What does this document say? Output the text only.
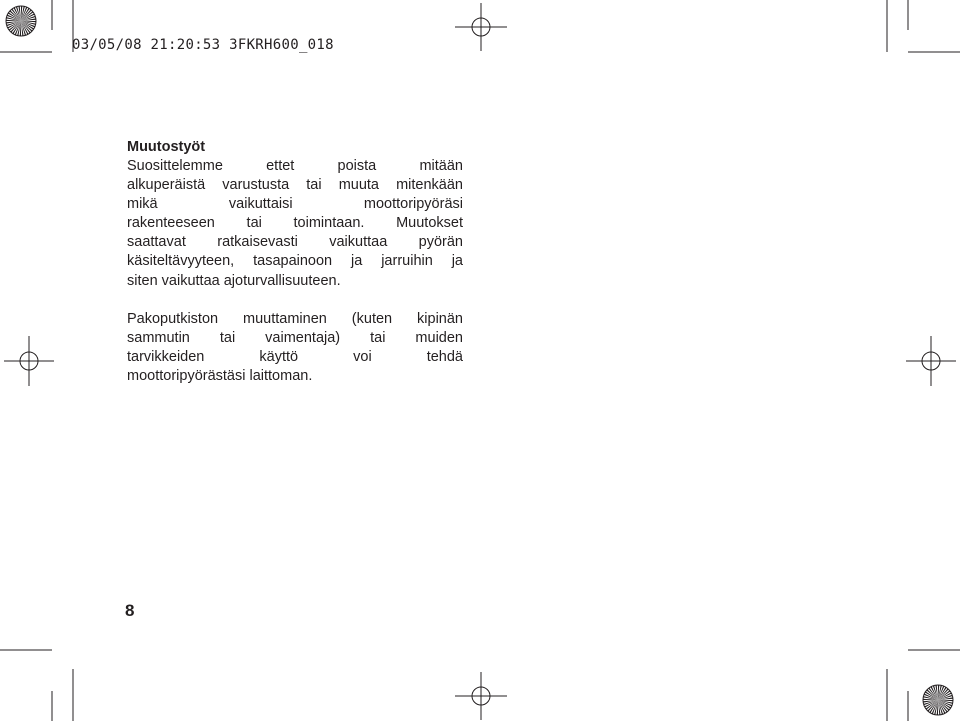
03/05/08 21:20:53 3FKRH600_018

Muutostyöt

Suosittelemme ettet poista mitään
alkuperäistä varustusta tai muuta mitenkään
mikä vaikuttaisi moottoripyöräsi
rakenteeseen tai toimintaan. Muutokset
saattavat ratkaisevasti vaikuttaa pyörän
käsiteltävyyteen, tasapainoon ja jarruihin ja
siten vaikuttaa ajoturvallisuuteen.
Pakoputkiston muuttaminen (kuten kipinän
sammutin tai vaimentaja) tai muiden
tarvikkeiden käyttö voi tehdä
moottoripyörästäsi laittoman.
8
